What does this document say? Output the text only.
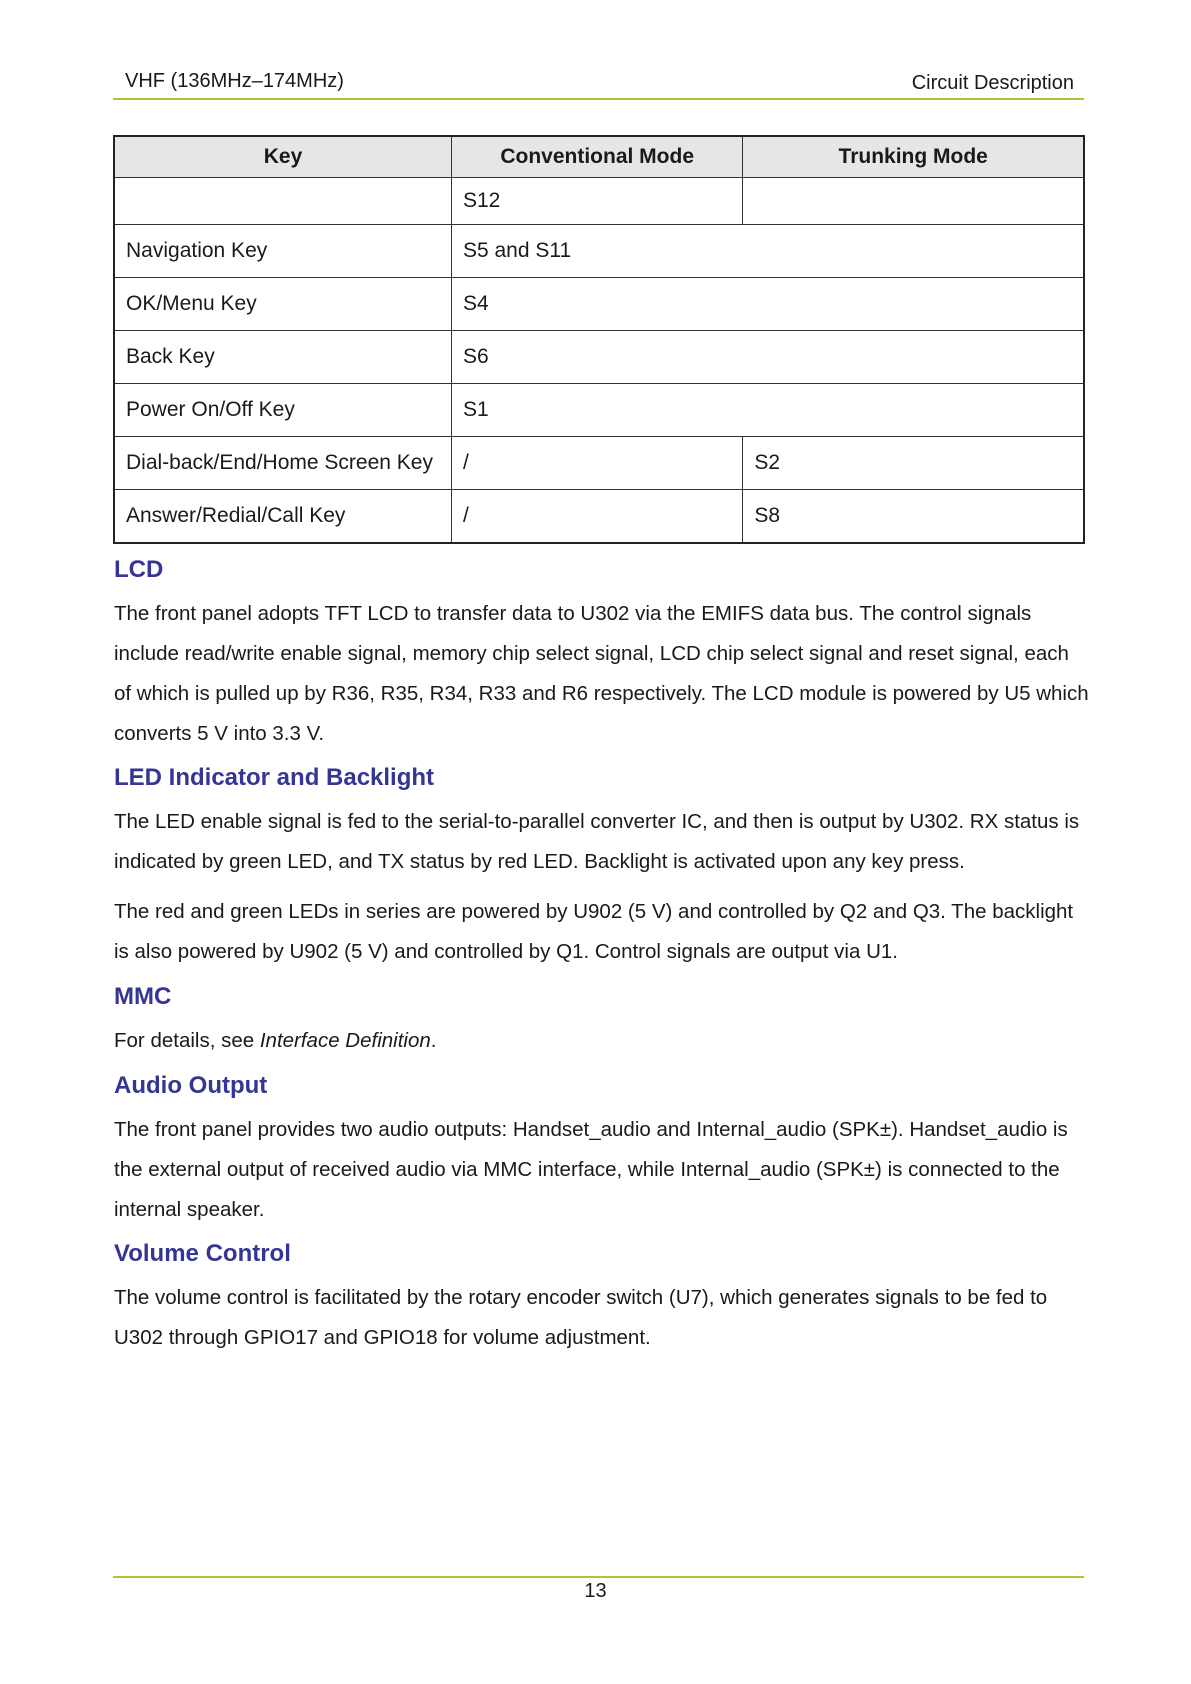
VHF (136MHz–174MHz)	Circuit Description
Key	Conventional Mode	Trunking Mode
	S12	
Navigation Key	S5 and S11	
OK/Menu Key	S4	
Back Key	S6	
Power On/Off Key	S1	
Dial-back/End/Home Screen Key	/	S2
Answer/Redial/Call Key	/	S8
LCD

The front panel adopts TFT LCD to transfer data to U302 via the EMIFS data bus. The control signals include read/write enable signal, memory chip select signal, LCD chip select signal and reset signal, each of which is pulled up by R36, R35, R34, R33 and R6 respectively. The LCD module is powered by U5 which converts 5 V into 3.3 V.

LED Indicator and Backlight

The LED enable signal is fed to the serial-to-parallel converter IC, and then is output by U302. RX status is indicated by green LED, and TX status by red LED. Backlight is activated upon any key press.

The red and green LEDs in series are powered by U902 (5 V) and controlled by Q2 and Q3. The backlight is also powered by U902 (5 V) and controlled by Q1. Control signals are output via U1.

MMC

For details, see Interface Definition.

Audio Output

The front panel provides two audio outputs: Handset_audio and Internal_audio (SPK±). Handset_audio is the external output of received audio via MMC interface, while Internal_audio (SPK±) is connected to the internal speaker.

Volume Control

The volume control is facilitated by the rotary encoder switch (U7), which generates signals to be fed to U302 through GPIO17 and GPIO18 for volume adjustment.

13
